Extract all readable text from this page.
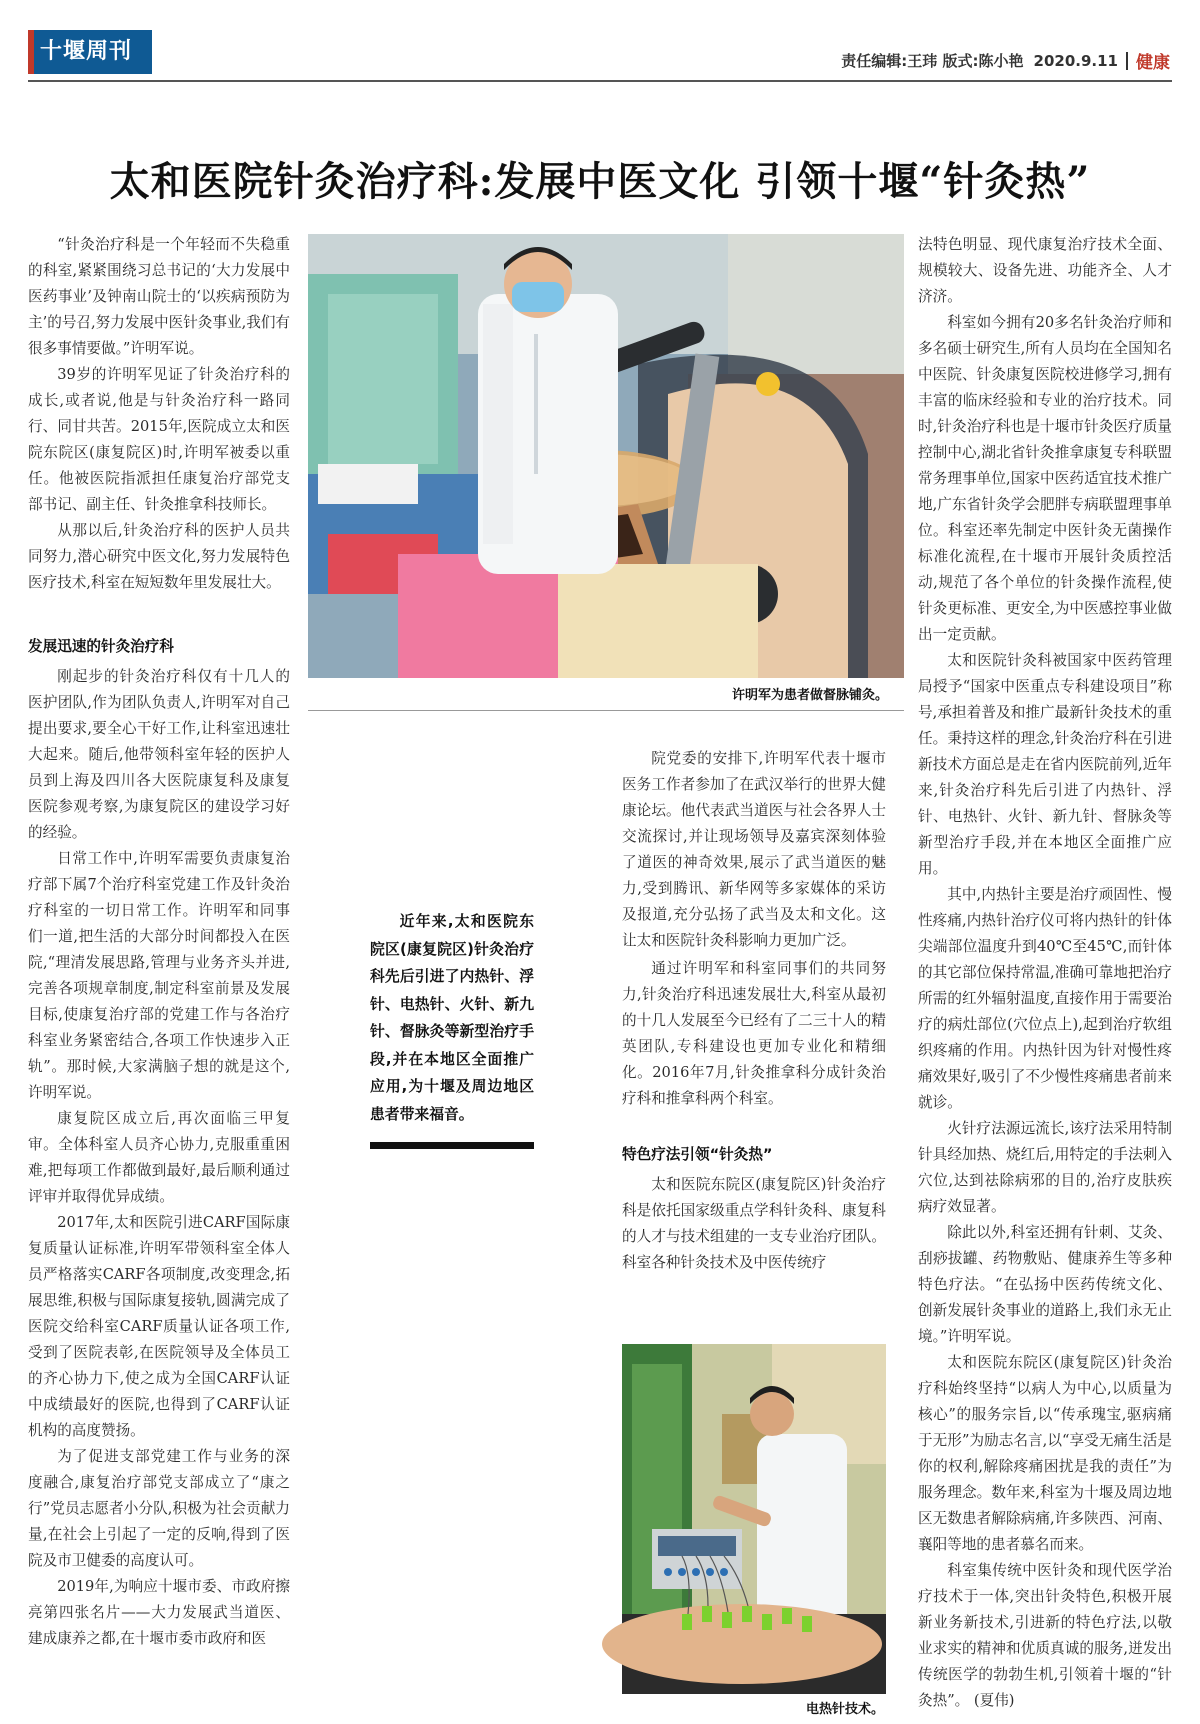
十堰周刊	责任编辑:王玮 版式:陈小艳 2020.9.11 健康
太和医院针灸治疗科:发展中医文化 引领十堰“针灸热”

“针灸治疗科是一个年轻而不失稳重的科室,紧紧围绕习总书记的‘大力发展中医药事业’及钟南山院士的‘以疾病预防为主’的号召,努力发展中医针灸事业,我们有很多事情要做。”许明军说。

39岁的许明军见证了针灸治疗科的成长,或者说,他是与针灸治疗科一路同行、同甘共苦。2015年,医院成立太和医院东院区(康复院区)时,许明军被委以重任。他被医院指派担任康复治疗部党支部书记、副主任、针灸推拿科技师长。

从那以后,针灸治疗科的医护人员共同努力,潜心研究中医文化,努力发展特色医疗技术,科室在短短数年里发展壮大。

发展迅速的针灸治疗科

刚起步的针灸治疗科仅有十几人的医护团队,作为团队负责人,许明军对自己提出要求,要全心干好工作,让科室迅速壮大起来。随后,他带领科室年轻的医护人员到上海及四川各大医院康复科及康复医院参观考察,为康复院区的建设学习好的经验。

日常工作中,许明军需要负责康复治疗部下属7个治疗科室党建工作及针灸治疗科室的一切日常工作。许明军和同事们一道,把生活的大部分时间都投入在医院,“理清发展思路,管理与业务齐头并进,完善各项规章制度,制定科室前景及发展目标,使康复治疗部的党建工作与各治疗科室业务紧密结合,各项工作快速步入正轨”。那时候,大家满脑子想的就是这个,许明军说。

康复院区成立后,再次面临三甲复审。全体科室人员齐心协力,克服重重困难,把每项工作都做到最好,最后顺利通过评审并取得优异成绩。

2017年,太和医院引进CARF国际康复质量认证标准,许明军带领科室全体人员严格落实CARF各项制度,改变理念,拓展思维,积极与国际康复接轨,圆满完成了医院交给科室CARF质量认证各项工作,受到了医院表彰,在医院领导及全体员工的齐心协力下,使之成为全国CARF认证中成绩最好的医院,也得到了CARF认证机构的高度赞扬。

为了促进支部党建工作与业务的深度融合,康复治疗部党支部成立了“康之行”党员志愿者小分队,积极为社会贡献力量,在社会上引起了一定的反响,得到了医院及市卫健委的高度认可。

2019年,为响应十堰市委、市政府擦亮第四张名片——大力发展武当道医、建成康养之都,在十堰市委市政府和医

许明军为患者做督脉铺灸。
近年来,太和医院东院区(康复院区)针灸治疗科先后引进了内热针、浮针、电热针、火针、新九针、督脉灸等新型治疗手段,并在本地区全面推广应用,为十堰及周边地区患者带来福音。

院党委的安排下,许明军代表十堰市医务工作者参加了在武汉举行的世界大健康论坛。他代表武当道医与社会各界人士交流探讨,并让现场领导及嘉宾深刻体验了道医的神奇效果,展示了武当道医的魅力,受到腾讯、新华网等多家媒体的采访及报道,充分弘扬了武当及太和文化。这让太和医院针灸科影响力更加广泛。

通过许明军和科室同事们的共同努力,针灸治疗科迅速发展壮大,科室从最初的十几人发展至今已经有了二三十人的精英团队,专科建设也更加专业化和精细化。2016年7月,针灸推拿科分成针灸治疗科和推拿科两个科室。

特色疗法引领“针灸热”

太和医院东院区(康复院区)针灸治疗科是依托国家级重点学科针灸科、康复科的人才与技术组建的一支专业治疗团队。科室各种针灸技术及中医传统疗

电热针技术。

法特色明显、现代康复治疗技术全面、规模较大、设备先进、功能齐全、人才济济。

科室如今拥有20多名针灸治疗师和多名硕士研究生,所有人员均在全国知名中医院、针灸康复医院校进修学习,拥有丰富的临床经验和专业的治疗技术。同时,针灸治疗科也是十堰市针灸医疗质量控制中心,湖北省针灸推拿康复专科联盟常务理事单位,国家中医药适宜技术推广地,广东省针灸学会肥胖专病联盟理事单位。科室还率先制定中医针灸无菌操作标准化流程,在十堰市开展针灸质控活动,规范了各个单位的针灸操作流程,使针灸更标准、更安全,为中医感控事业做出一定贡献。

太和医院针灸科被国家中医药管理局授予“国家中医重点专科建设项目”称号,承担着普及和推广最新针灸技术的重任。秉持这样的理念,针灸治疗科在引进新技术方面总是走在省内医院前列,近年来,针灸治疗科先后引进了内热针、浮针、电热针、火针、新九针、督脉灸等新型治疗手段,并在本地区全面推广应用。

其中,内热针主要是治疗顽固性、慢性疼痛,内热针治疗仪可将内热针的针体尖端部位温度升到40℃至45℃,而针体的其它部位保持常温,准确可靠地把治疗所需的红外辐射温度,直接作用于需要治疗的病灶部位(穴位点上),起到治疗软组织疼痛的作用。内热针因为针对慢性疼痛效果好,吸引了不少慢性疼痛患者前来就诊。

火针疗法源远流长,该疗法采用特制针具经加热、烧红后,用特定的手法刺入穴位,达到祛除病邪的目的,治疗皮肤疾病疗效显著。

除此以外,科室还拥有针刺、艾灸、刮痧拔罐、药物敷贴、健康养生等多种特色疗法。“在弘扬中医药传统文化、创新发展针灸事业的道路上,我们永无止境。”许明军说。

太和医院东院区(康复院区)针灸治疗科始终坚持“以病人为中心,以质量为核心”的服务宗旨,以“传承瑰宝,驱病痛于无形”为励志名言,以“享受无痛生活是你的权利,解除疼痛困扰是我的责任”为服务理念。数年来,科室为十堰及周边地区无数患者解除病痛,许多陕西、河南、襄阳等地的患者慕名而来。

科室集传统中医针灸和现代医学治疗技术于一体,突出针灸特色,积极开展新业务新技术,引进新的特色疗法,以敬业求实的精神和优质真诚的服务,迸发出传统医学的勃勃生机,引领着十堰的“针灸热”。 (夏伟)
